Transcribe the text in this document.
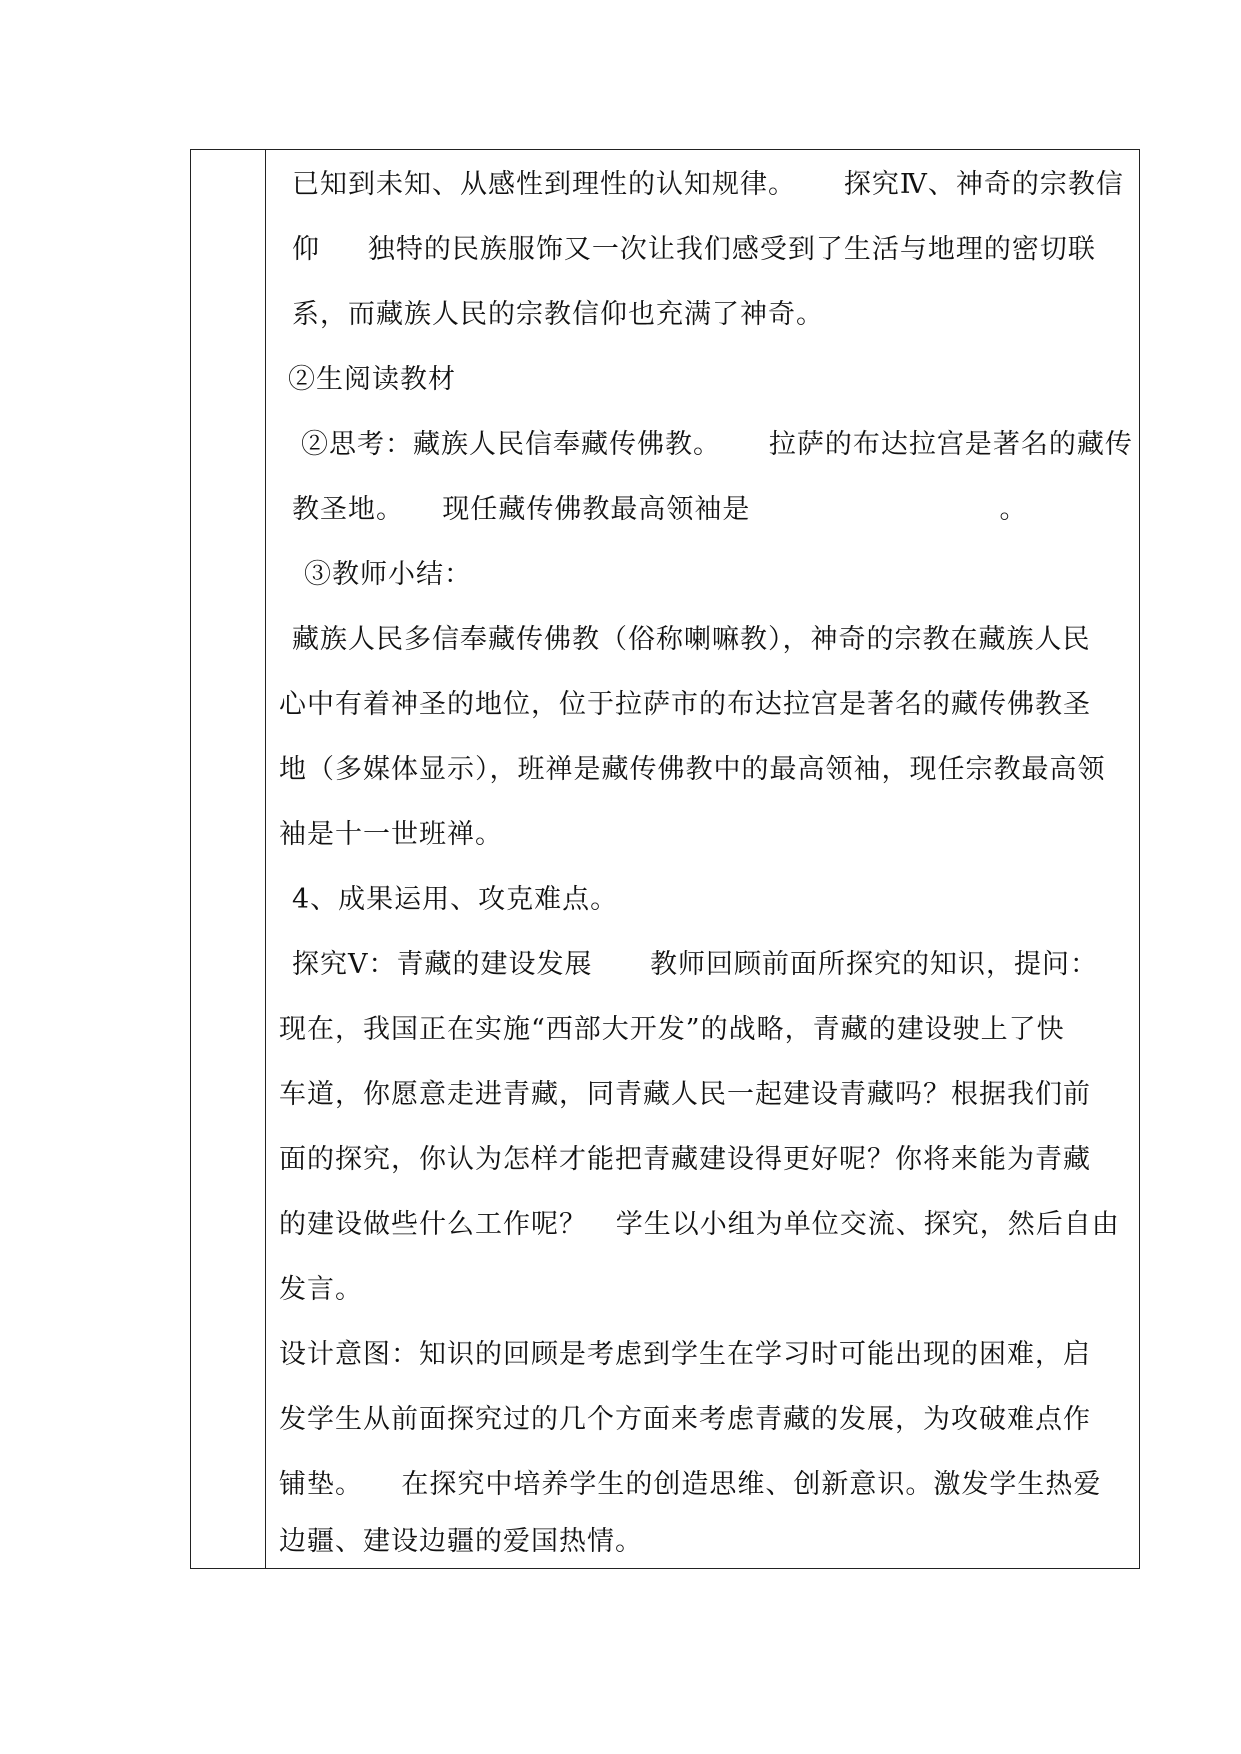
已知到未知、从感性到理性的认知规律。     探究Ⅳ、神奇的宗教信
仰     独特的民族服饰又一次让我们感受到了生活与地理的密切联
系，而藏族人民的宗教信仰也充满了神奇。
②生阅读教材
②思考：藏族人民信奉藏传佛教。     拉萨的布达拉宫是著名的藏传
教圣地。    现任藏传佛教最高领袖是                          。
③教师小结：
藏族人民多信奉藏传佛教（俗称喇嘛教），神奇的宗教在藏族人民
心中有着神圣的地位，位于拉萨市的布达拉宫是著名的藏传佛教圣
地（多媒体显示），班禅是藏传佛教中的最高领袖，现任宗教最高领
袖是十一世班禅。
4、成果运用、攻克难点。
探究Ⅴ：青藏的建设发展      教师回顾前面所探究的知识，提问：
现在，我国正在实施“西部大开发”的战略，青藏的建设驶上了快
车道，你愿意走进青藏，同青藏人民一起建设青藏吗？根据我们前
面的探究，你认为怎样才能把青藏建设得更好呢？你将来能为青藏
的建设做些什么工作呢？   学生以小组为单位交流、探究，然后自由
发言。
设计意图：知识的回顾是考虑到学生在学习时可能出现的困难，启
发学生从前面探究过的几个方面来考虑青藏的发展，为攻破难点作
铺垫。    在探究中培养学生的创造思维、创新意识。激发学生热爱
边疆、建设边疆的爱国热情。
